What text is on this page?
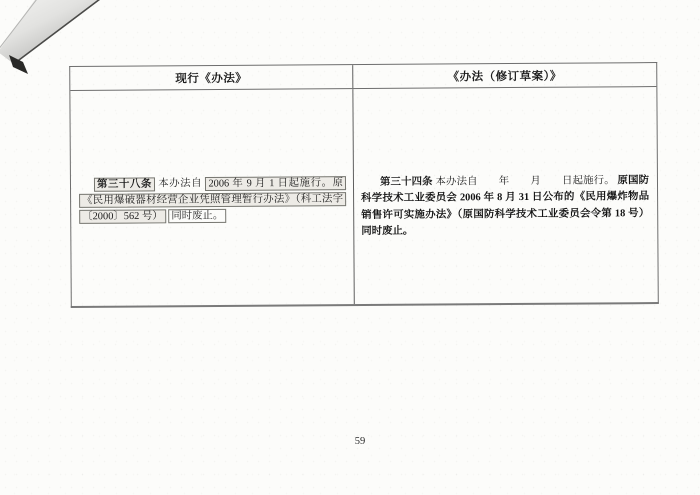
现行《办法》	《办法（修订草案）》

第三十八条 本办法自 2006 年 9 月 1 日起施行。原《民用爆破器材经营企业凭照管理暂行办法》（科工法字〔2000〕562 号） 同时废止。

第三十四条 本办法自　　年　　月　　日起施行。 原国防科学技术工业委员会 2006 年 8 月 31 日公布的《民用爆炸物品销售许可实施办法》（原国防科学技术工业委员会令第 18 号）同时废止。

59
